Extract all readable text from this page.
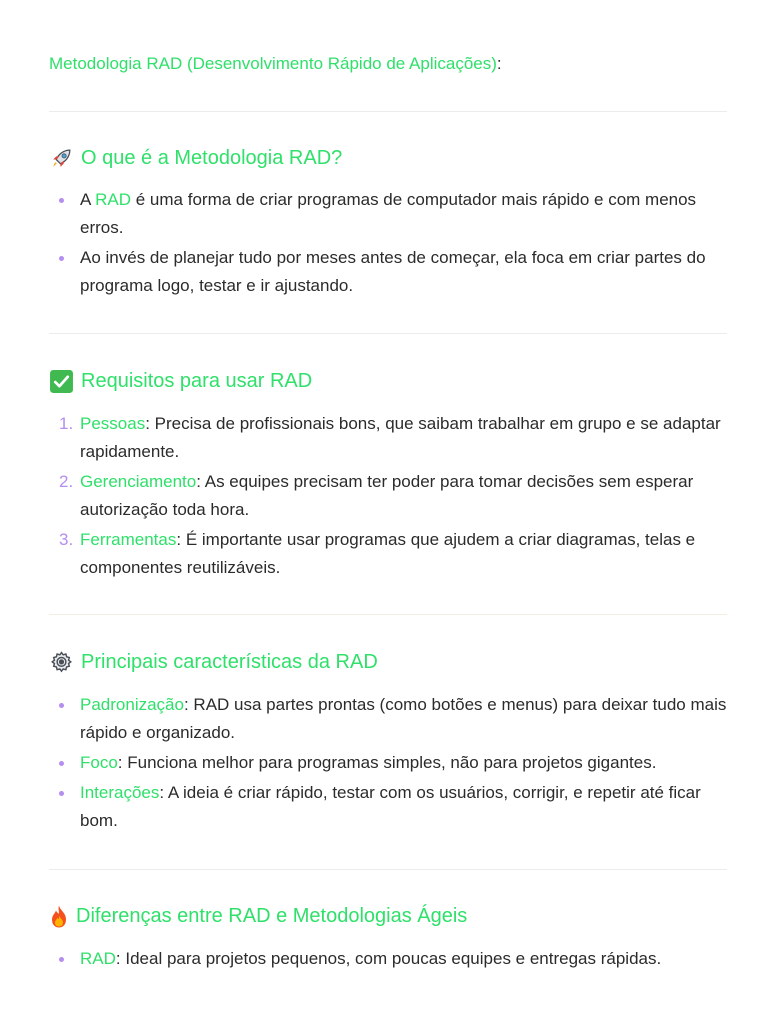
Metodologia RAD (Desenvolvimento Rápido de Aplicações):
O que é a Metodologia RAD?
A RAD é uma forma de criar programas de computador mais rápido e com menos erros.
Ao invés de planejar tudo por meses antes de começar, ela foca em criar partes do programa logo, testar e ir ajustando.
Requisitos para usar RAD
1. Pessoas: Precisa de profissionais bons, que saibam trabalhar em grupo e se adaptar rapidamente.
2. Gerenciamento: As equipes precisam ter poder para tomar decisões sem esperar autorização toda hora.
3. Ferramentas: É importante usar programas que ajudem a criar diagramas, telas e componentes reutilizáveis.
Principais características da RAD
Padronização: RAD usa partes prontas (como botões e menus) para deixar tudo mais rápido e organizado.
Foco: Funciona melhor para programas simples, não para projetos gigantes.
Interações: A ideia é criar rápido, testar com os usuários, corrigir, e repetir até ficar bom.
Diferenças entre RAD e Metodologias Ágeis
RAD: Ideal para projetos pequenos, com poucas equipes e entregas rápidas.
